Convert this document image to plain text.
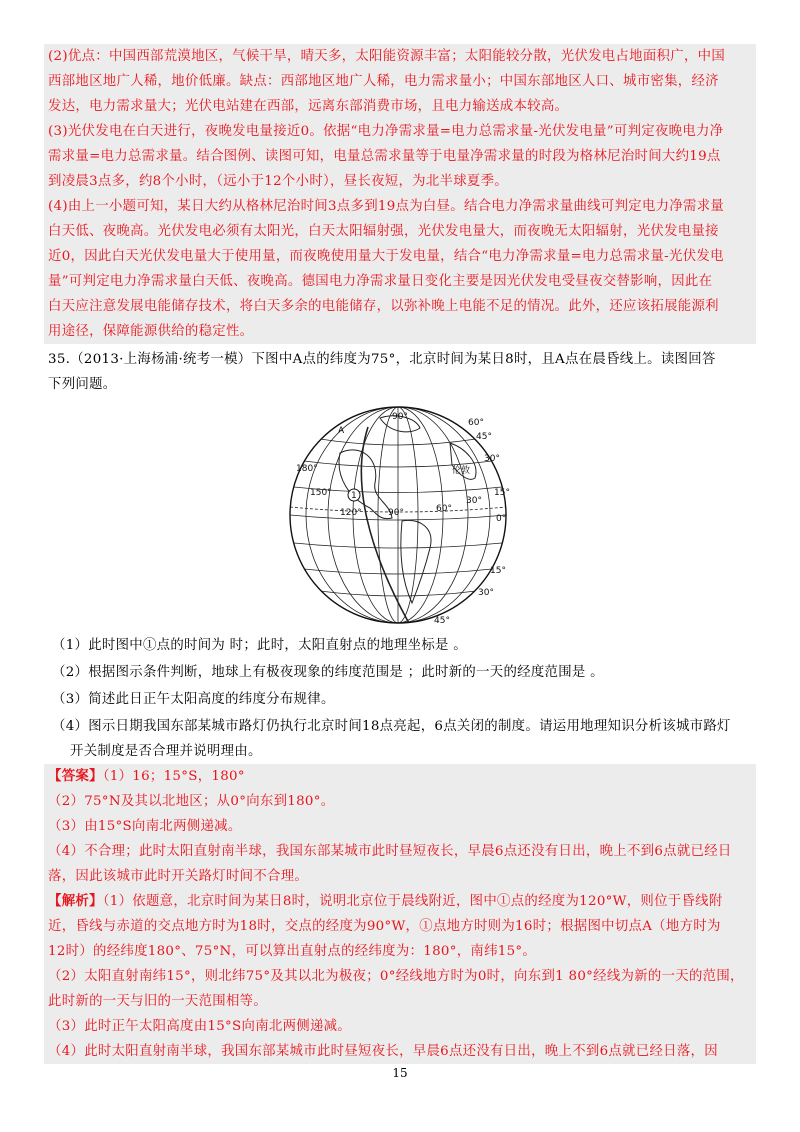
(2)优点：中国西部荒漠地区，气候干旱，晴天多，太阳能资源丰富；太阳能较分散，光伏发电占地面积广，中国
西部地区地广人稀，地价低廉。缺点：西部地区地广人稀，电力需求量小；中国东部地区人口、城市密集，经济
发达，电力需求量大；光伏电站建在西部，远离东部消费市场，且电力输送成本较高。
(3)光伏发电在白天进行，夜晚发电量接近0。依据“电力净需求量=电力总需求量-光伏发电量”可判定夜晚电力净
需求量=电力总需求量。结合图例、读图可知，电量总需求量等于电量净需求量的时段为格林尼治时间大约19点
到凌晨3点多，约8个小时，（远小于12个小时），昼长夜短，为北半球夏季。
(4)由上一小题可知，某日大约从格林尼治时间3点多到19点为白昼。结合电力净需求量曲线可判定电力净需求量
白天低、夜晚高。光伏发电必须有太阳光，白天太阳辐射强，光伏发电量大，而夜晚无太阳辐射，光伏发电量接
近0，因此白天光伏发电量大于使用量，而夜晚使用量大于发电量，结合“电力净需求量=电力总需求量-光伏发电
量”可判定电力净需求量白天低、夜晚高。德国电力净需求量日变化主要是因光伏发电受昼夜交替影响，因此在
白天应注意发展电能储存技术，将白天多余的电能储存，以弥补晚上电能不足的情况。此外，还应该拓展能源利
用途径，保障能源供给的稳定性。
35.（2013·上海杨浦·统考一模）下图中A点的纬度为75°，北京时间为某日8时，且A点在晨昏线上。读图回答
下列问题。
1
A
90°
60°
45°
30°
15°
0°
15°
30°
45°
180°
150°
120°	90°	60°
30°
伦敦
（1）此时图中①点的时间为 时；此时，太阳直射点的地理坐标是 。
（2）根据图示条件判断，地球上有极夜现象的纬度范围是 ；此时新的一天的经度范围是 。
（3）简述此日正午太阳高度的纬度分布规律。
（4）图示日期我国东部某城市路灯仍执行北京时间18点亮起，6点关闭的制度。请运用地理知识分析该城市路灯
开关制度是否合理并说明理由。
【答案】（1）16；15°S，180°
（2）75°N及其以北地区；从0°向东到180°。
（3）由15°S向南北两侧递减。
（4）不合理；此时太阳直射南半球，我国东部某城市此时昼短夜长，早晨6点还没有日出，晚上不到6点就已经日
落，因此该城市此时开关路灯时间不合理。
【解析】（1）依题意，北京时间为某日8时，说明北京位于晨线附近，图中①点的经度为120°W，则位于昏线附
近，昏线与赤道的交点地方时为18时，交点的经度为90°W，①点地方时则为16时；根据图中切点A（地方时为
12时）的经纬度180°、75°N，可以算出直射点的经纬度为：180°，南纬15°。
（2）太阳直射南纬15°，则北纬75°及其以北为极夜；0°经线地方时为0时，向东到1 80°经线为新的一天的范围，
此时新的一天与旧的一天范围相等。
（3）此时正午太阳高度由15°S向南北两侧递减。
（4）此时太阳直射南半球，我国东部某城市此时昼短夜长，早晨6点还没有日出，晚上不到6点就已经日落，因
15
